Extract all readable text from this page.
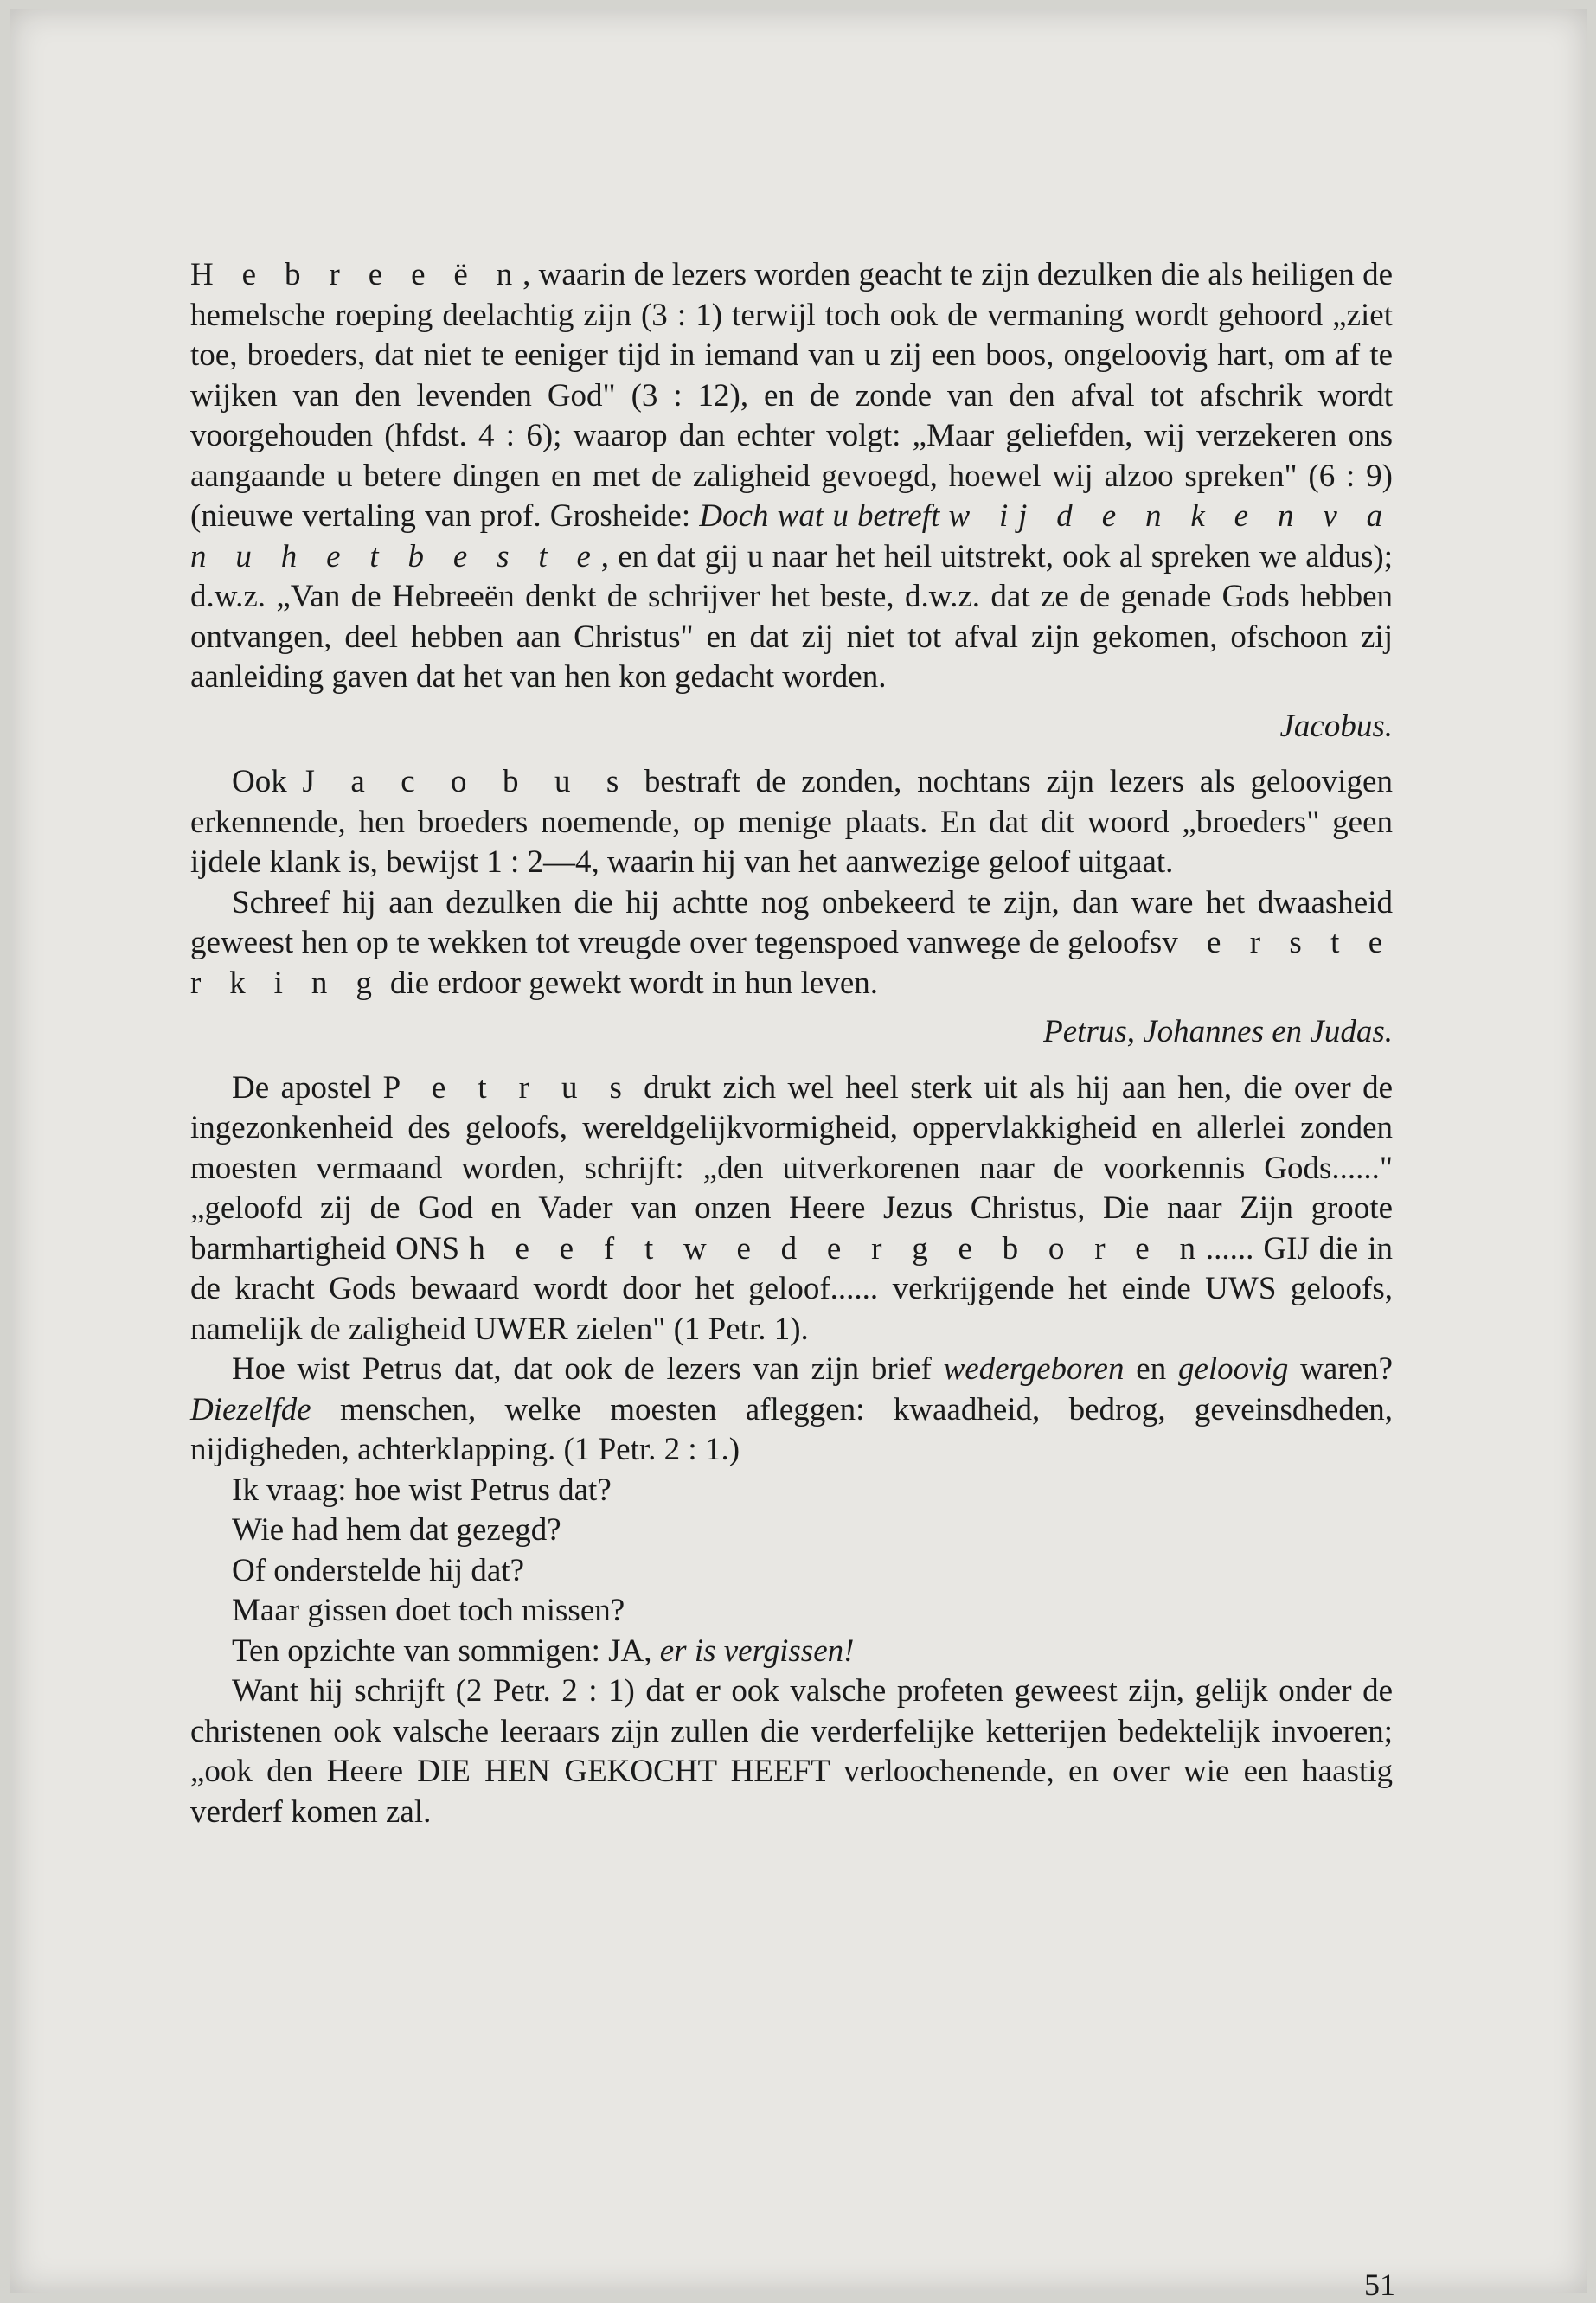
H e b r e e ë n, waarin de lezers worden geacht te zijn dezulken die als heiligen de hemelsche roeping deelachtig zijn (3 : 1) terwijl toch ook de vermaning wordt gehoord „ziet toe, broeders, dat niet te eeniger tijd in iemand van u zij een boos, ongeloovig hart, om af te wijken van den levenden God" (3 : 12), en de zonde van den afval tot afschrik wordt voorgehouden (hfdst. 4 : 6); waarop dan echter volgt: „Maar geliefden, wij verzekeren ons aangaande u betere dingen en met de zaligheid gevoegd, hoewel wij alzoo spreken" (6 : 9) (nieuwe vertaling van prof. Grosheide: Doch wat u betreft w ij d e n k e n v a n u h e t b e s t e, en dat gij u naar het heil uitstrekt, ook al spreken we aldus); d.w.z. „Van de Hebreeën denkt de schrijver het beste, d.w.z. dat ze de genade Gods hebben ontvangen, deel hebben aan Christus" en dat zij niet tot afval zijn gekomen, ofschoon zij aanleiding gaven dat het van hen kon gedacht worden.

Jacobus.

Ook J a c o b u s bestraft de zonden, nochtans zijn lezers als geloovigen erkennende, hen broeders noemende, op menige plaats. En dat dit woord „broeders" geen ijdele klank is, bewijst 1 : 2—4, waarin hij van het aanwezige geloof uitgaat.

Schreef hij aan dezulken die hij achtte nog onbekeerd te zijn, dan ware het dwaasheid geweest hen op te wekken tot vreugde over tegenspoed vanwege de geloofsv e r s t e r k i n g die erdoor gewekt wordt in hun leven.

Petrus, Johannes en Judas.

De apostel P e t r u s drukt zich wel heel sterk uit als hij aan hen, die over de ingezonkenheid des geloofs, wereldgelijkvormigheid, oppervlakkigheid en allerlei zonden moesten vermaand worden, schrijft: „den uitverkorenen naar de voorkennis Gods......" „geloofd zij de God en Vader van onzen Heere Jezus Christus, Die naar Zijn groote barmhartigheid ONS h e e f t w e d e r g e b o r e n...... GIJ die in de kracht Gods bewaard wordt door het geloof...... verkrijgende het einde UWS geloofs, namelijk de zaligheid UWER zielen" (1 Petr. 1).

Hoe wist Petrus dat, dat ook de lezers van zijn brief wedergeboren en geloovig waren? Diezelfde menschen, welke moesten afleggen: kwaadheid, bedrog, geveinsdheden, nijdigheden, achterklapping. (1 Petr. 2 : 1.)

Ik vraag: hoe wist Petrus dat?

Wie had hem dat gezegd?

Of onderstelde hij dat?

Maar gissen doet toch missen?

Ten opzichte van sommigen: JA, er is vergissen!

Want hij schrijft (2 Petr. 2 : 1) dat er ook valsche profeten geweest zijn, gelijk onder de christenen ook valsche leeraars zijn zullen die verderfelijke ketterijen bedektelijk invoeren; „ook den Heere DIE HEN GEKOCHT HEEFT verloochenende, en over wie een haastig verderf komen zal.

51
